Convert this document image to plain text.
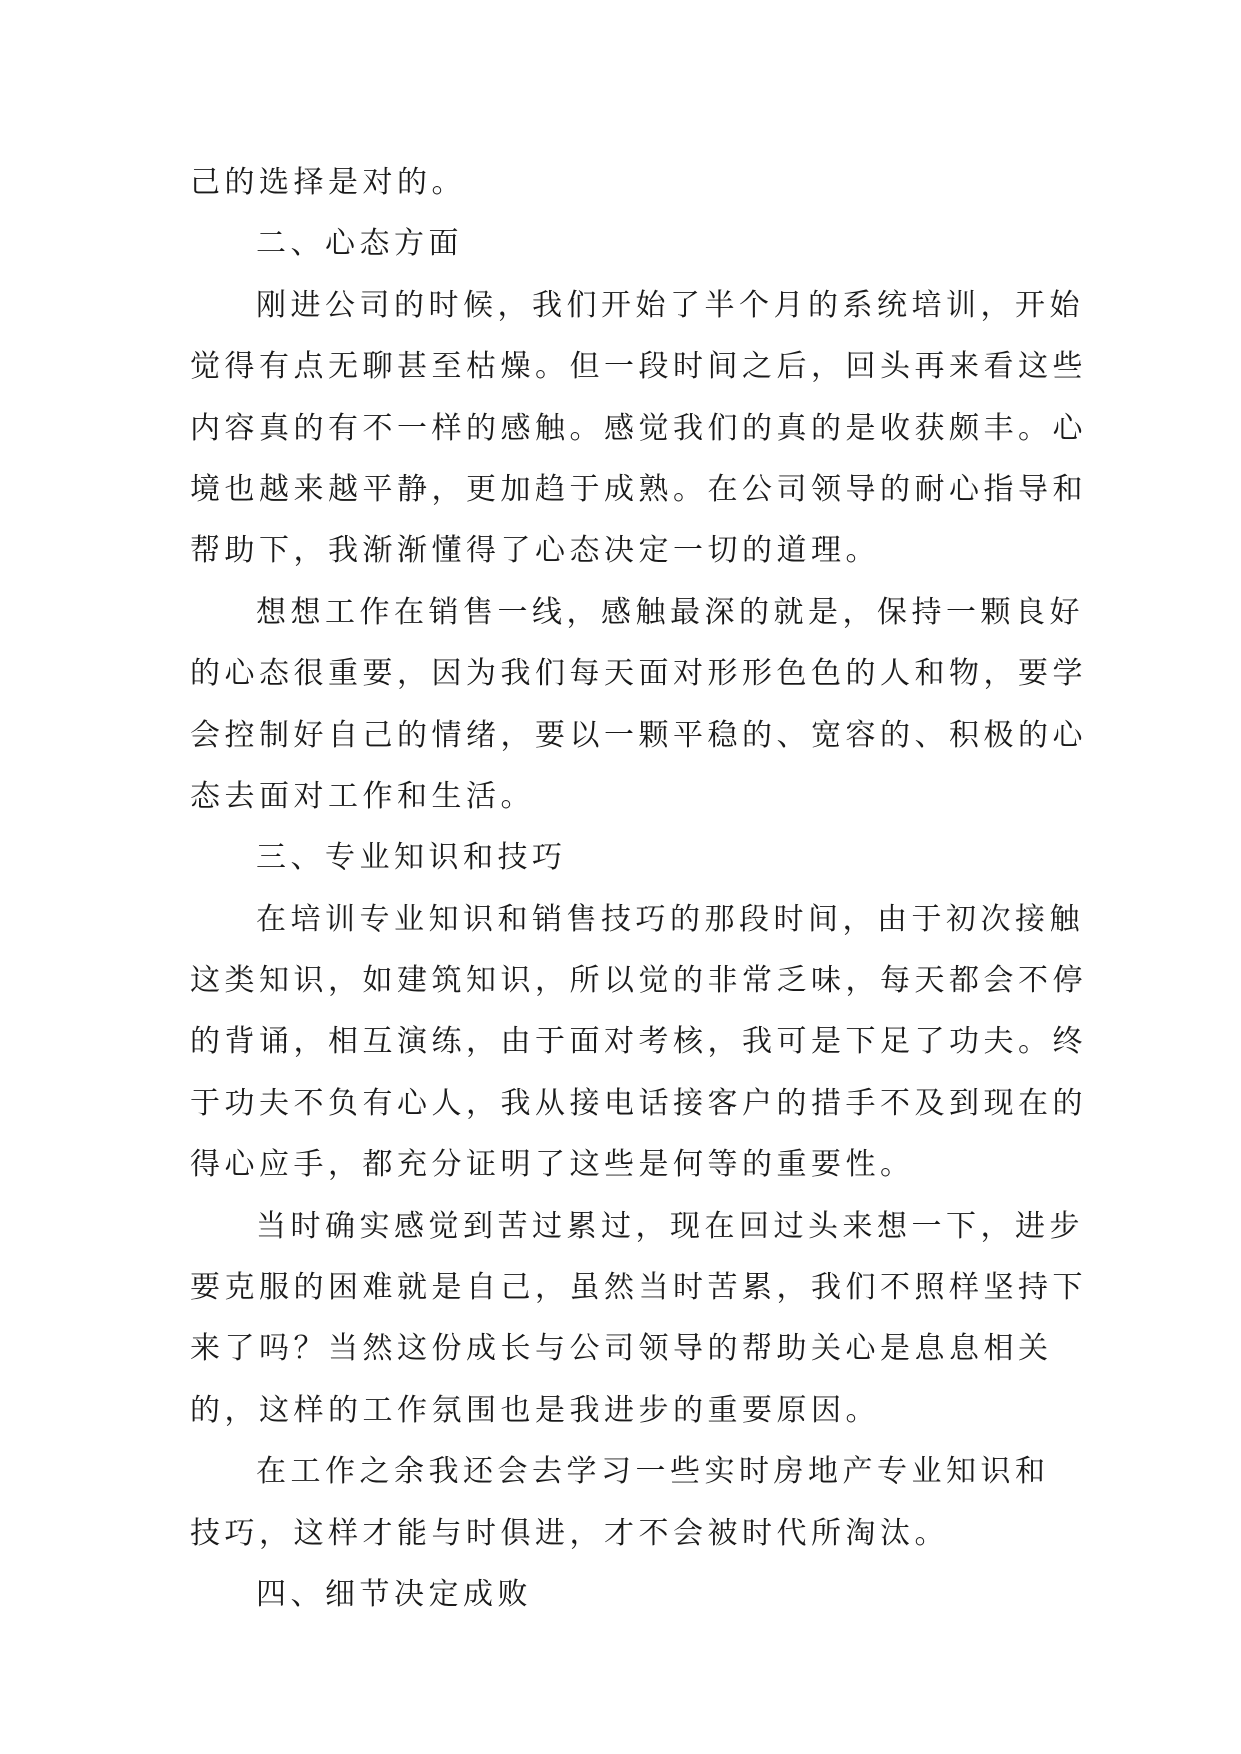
己的选择是对的。
二、心态方面
刚进公司的时候，我们开始了半个月的系统培训，开始
觉得有点无聊甚至枯燥。但一段时间之后，回头再来看这些
内容真的有不一样的感触。感觉我们的真的是收获颇丰。心
境也越来越平静，更加趋于成熟。在公司领导的耐心指导和
帮助下，我渐渐懂得了心态决定一切的道理。
想想工作在销售一线，感触最深的就是，保持一颗良好
的心态很重要，因为我们每天面对形形色色的人和物，要学
会控制好自己的情绪，要以一颗平稳的、宽容的、积极的心
态去面对工作和生活。
三、专业知识和技巧
在培训专业知识和销售技巧的那段时间，由于初次接触
这类知识，如建筑知识，所以觉的非常乏味，每天都会不停
的背诵，相互演练，由于面对考核，我可是下足了功夫。终
于功夫不负有心人，我从接电话接客户的措手不及到现在的
得心应手，都充分证明了这些是何等的重要性。
当时确实感觉到苦过累过，现在回过头来想一下，进步
要克服的困难就是自己，虽然当时苦累，我们不照样坚持下
来了吗？当然这份成长与公司领导的帮助关心是息息相关
的，这样的工作氛围也是我进步的重要原因。
在工作之余我还会去学习一些实时房地产专业知识和
技巧，这样才能与时俱进，才不会被时代所淘汰。
四、细节决定成败
